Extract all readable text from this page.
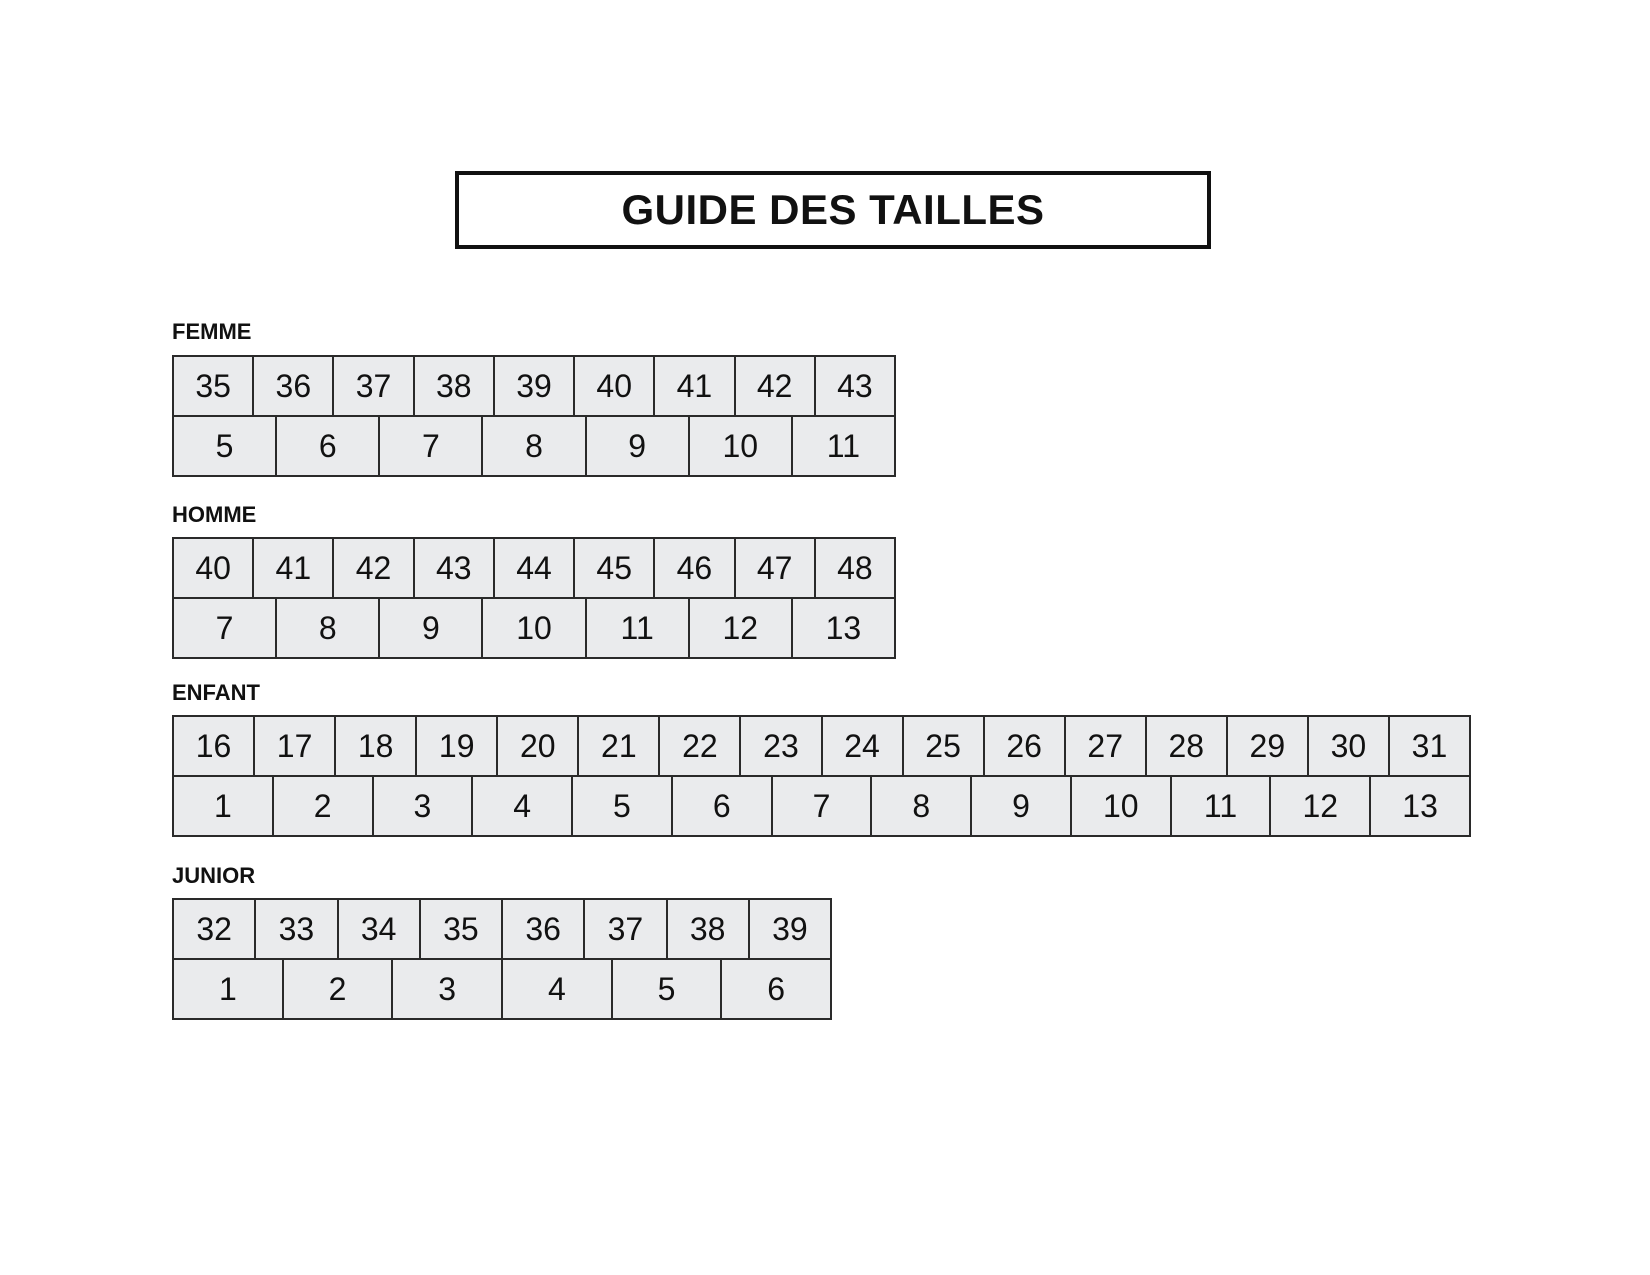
GUIDE DES TAILLES
FEMME
35	36	37	38	39	40	41	42	43
5	6	7	8	9	10	11
HOMME
40	41	42	43	44	45	46	47	48
7	8	9	10	11	12	13
ENFANT
16	17	18	19	20	21	22	23	24	25	26	27	28	29	30	31
1	2	3	4	5	6	7	8	9	10	11	12	13
JUNIOR
32	33	34	35	36	37	38	39
1	2	3	4	5	6
